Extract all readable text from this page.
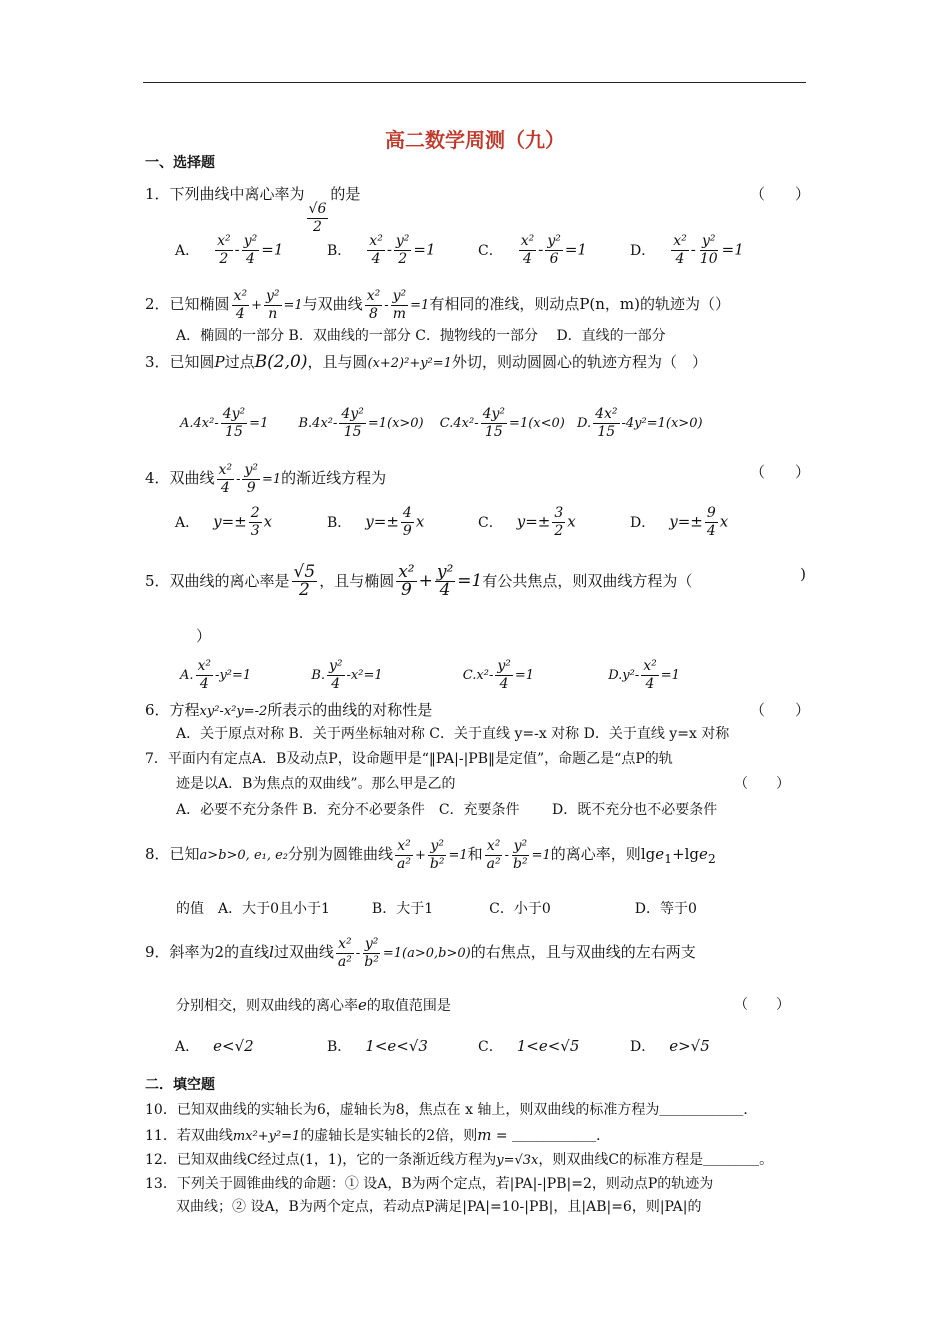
高二数学周测（九）
一、选择题
1．下列曲线中离心率为
$\frac{√6}{2}$
的是	（　　）
A． $\frac{\text{x²}}{2} - \frac{\text{y²}}{4} =1$	B． $\frac{\text{x²}}{4} - \frac{\text{y²}}{2} =1$	C． $\frac{\text{x²}}{4} - \frac{\text{y²}}{6} =1$	D． $\frac{\text{x²}}{4} - \frac{\text{y²}}{10} =1$
2．已知椭圆 $\frac{\text{x²}}{4} + \frac{\text{y²}}{n} =1$与双曲线 $\frac{\text{x²}}{8} - \frac{\text{y²}}{m} =1$有相同的准线，则动点P(n，m)的轨迹为（）
A．椭圆的一部分 B．双曲线的一部分 C．抛物线的一部分　 D．直线的一部分
3．已知圆P过点B(2,0)，且与圆(x+2)²+y²=1外切，则动圆圆心的轨迹方程为（　）
$A.4x^2- \frac{\text{4y²}}{15} =1$ $B.4x^2- \frac{\text{4y²}}{15} =1(x>0)$ $C.4x^2- \frac{\text{4y²}}{15} =1(x<0)$ D. $\frac{\text{4x²}}{15} -4y^2=1(x>0)$
4．双曲线 $\frac{\text{x²}}{4} - \frac{\text{y²}}{9} =1$的渐近线方程为	（　　）
A． $y=\pm \frac{2}{3}$ x	B． $y=\pm \frac{4}{9}$ x	C． $y=\pm \frac{3}{2}$ x	D． $y=\pm \frac{9}{4}$ x
5．双曲线的离心率是 $\frac{√5}{2}$ ，且与椭圆 $\frac{\text{x²}}{9} + \frac{\text{y²}}{4} =1$有公共焦点，则双曲线方程为（　　	)
）
A. $\frac{\text{x²}}{4} -y^2=1$	B. $\frac{\text{y²}}{4} -x^2=1$	$C.x^2- \frac{\text{y²}}{4} =1$	$D.y^2- \frac{\text{x²}}{4} =1$
6．方程xy²-x²y=-2所表示的曲线的对称性是	（　　）
A．关于原点对称 B．关于两坐标轴对称 C．关于直线 y=-x 对称 D．关于直线 y=x 对称
7．平面内有定点A．B及动点P，设命题甲是“‖PA|-|PB‖是定值”，命题乙是“点P的轨
迹是以A．B为焦点的双曲线”。那么甲是乙的	（　　）
A．必要不充分条件 B．充分不必要条件　C．充要条件　　 D．既不充分也不必要条件
8．已知a>b>0, e₁, e₂分别为圆锥曲线 $\frac{\text{x²}}{\text{a²}} + \frac{\text{y²}}{\text{b²}} =1$和 $\frac{\text{x²}}{\text{a²}} - \frac{\text{y²}}{\text{b²}} =1$的离心率，则lge$_1$+lge$_2$
的值　A．大于0且小于1　　　B．大于1　　　　C．小于0　　　　　　D．等于0
9．斜率为2的直线l过双曲线 $\frac{\text{x²}}{\text{a²}} - \frac{\text{y²}}{\text{b²}} =1(a>0,b>0)$的右焦点，且与双曲线的左右两支
分别相交，则双曲线的离心率e的取值范围是	（　　）
A． e<√2	B． 1<e<√3	C． 1<e<√5	D． e>√5
二．填空题
10．已知双曲线的实轴长为6，虚轴长为8，焦点在 x 轴上，则双曲线的标准方程为＿＿＿＿＿＿．
11．若双曲线mx²+y²=1的虚轴长是实轴长的2倍，则m = ＿＿＿＿＿＿．
12．已知双曲线C经过点(1，1)，它的一条渐近线方程为y=√3x，则双曲线C的标准方程是＿＿＿＿。
13．下列关于圆锥曲线的命题：① 设A，B为两个定点，若|PA|-|PB|=2，则动点P的轨迹为
双曲线；② 设A，B为两个定点，若动点P满足|PA|=10-|PB|，且|AB|=6，则|PA|的
